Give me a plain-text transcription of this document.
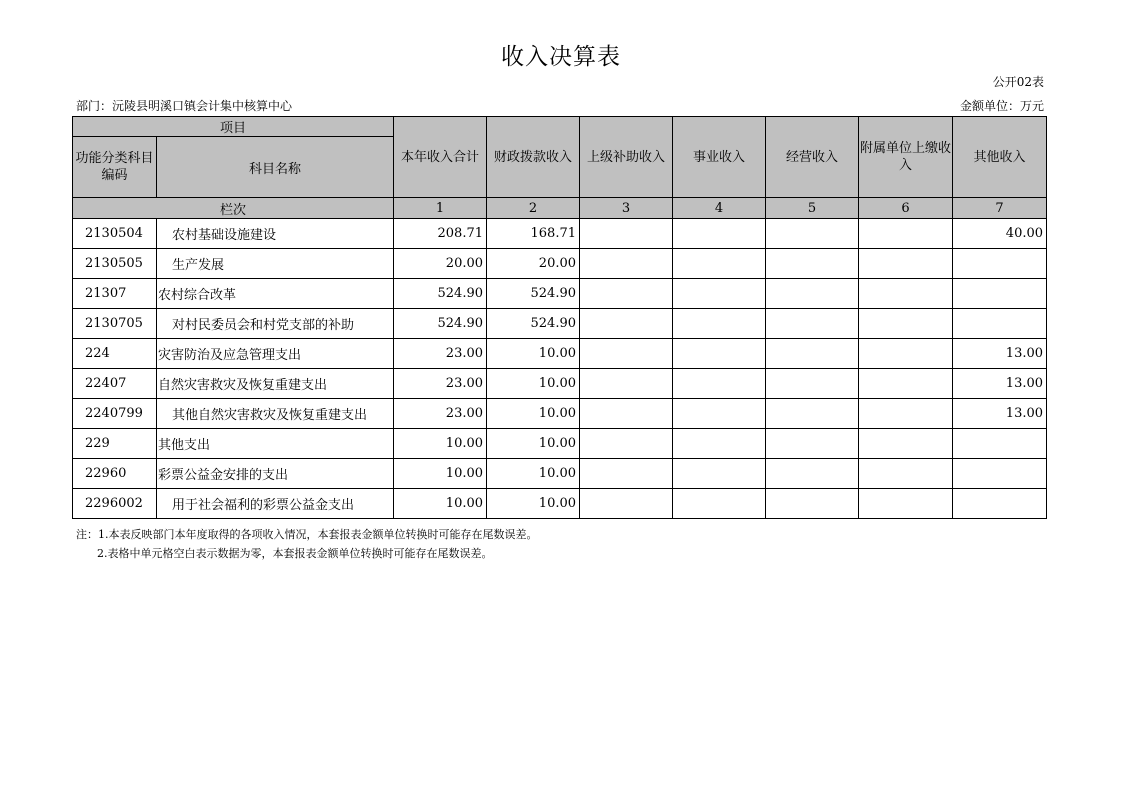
收入决算表
公开02表
部门：沅陵县明溪口镇会计集中核算中心	金额单位：万元
项目		本年收入合计	财政拨款收入	上级补助收入	事业收入	经营收入	附属单位上缴收入	其他收入
功能分类科目编码	科目名称							
栏次		1	2	3	4	5	6	7
2130504	农村基础设施建设	208.71	168.71					40.00
2130505	生产发展	20.00	20.00					
21307	农村综合改革	524.90	524.90					
2130705	对村民委员会和村党支部的补助	524.90	524.90					
224	灾害防治及应急管理支出	23.00	10.00					13.00
22407	自然灾害救灾及恢复重建支出	23.00	10.00					13.00
2240799	其他自然灾害救灾及恢复重建支出	23.00	10.00					13.00
229	其他支出	10.00	10.00					
22960	彩票公益金安排的支出	10.00	10.00					
2296002	用于社会福利的彩票公益金支出	10.00	10.00					
注：1.本表反映部门本年度取得的各项收入情况，本套报表金额单位转换时可能存在尾数误差。
2.表格中单元格空白表示数据为零，本套报表金额单位转换时可能存在尾数误差。
